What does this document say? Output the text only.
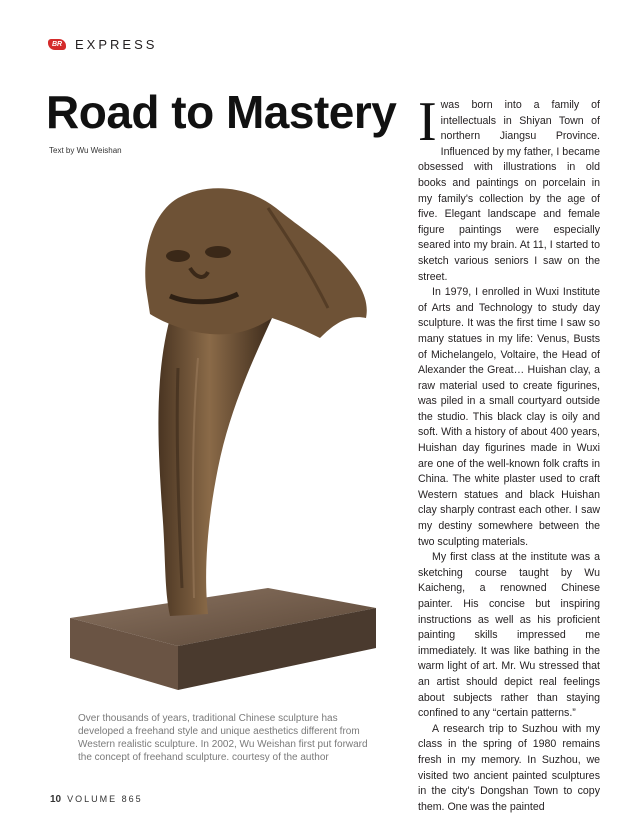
BR EXPRESS
Road to Mastery
Text by Wu Weishan

Over thousands of years, traditional Chinese sculpture has developed a freehand style and unique aesthetics different from Western realistic sculpture. In 2002, Wu Weishan first put forward the concept of freehand sculpture. courtesy of the author

Iwas born into a family of intellectuals in Shiyan Town of northern Jiangsu Province. Influenced by my father, I became obsessed with illustrations in old books and paintings on porcelain in my family's collection by the age of five. Elegant landscape and female figure paintings were especially seared into my brain. At 11, I started to sketch various seniors I saw on the street.

In 1979, I enrolled in Wuxi Institute of Arts and Technology to study day sculpture. It was the first time I saw so many statues in my life: Venus, Busts of Michelangelo, Voltaire, the Head of Alexander the Great… Huishan clay, a raw material used to create figurines, was piled in a small courtyard outside the studio. This black clay is oily and soft. With a history of about 400 years, Huishan day figurines made in Wuxi are one of the well-known folk crafts in China. The white plaster used to craft Western statues and black Huishan clay sharply contrast each other. I saw my destiny somewhere between the two sculpting materials.

My first class at the institute was a sketching course taught by Wu Kaicheng, a renowned Chinese painter. His concise but inspiring instructions as well as his proficient painting skills impressed me immediately. It was like bathing in the warm light of art. Mr. Wu stressed that an artist should depict real feelings about subjects rather than staying confined to any “certain patterns.”

A research trip to Suzhou with my class in the spring of 1980 remains fresh in my memory. In Suzhou, we visited two ancient painted sculptures in the city's Dongshan Town to copy them. One was the painted

10 VOLUME 865
